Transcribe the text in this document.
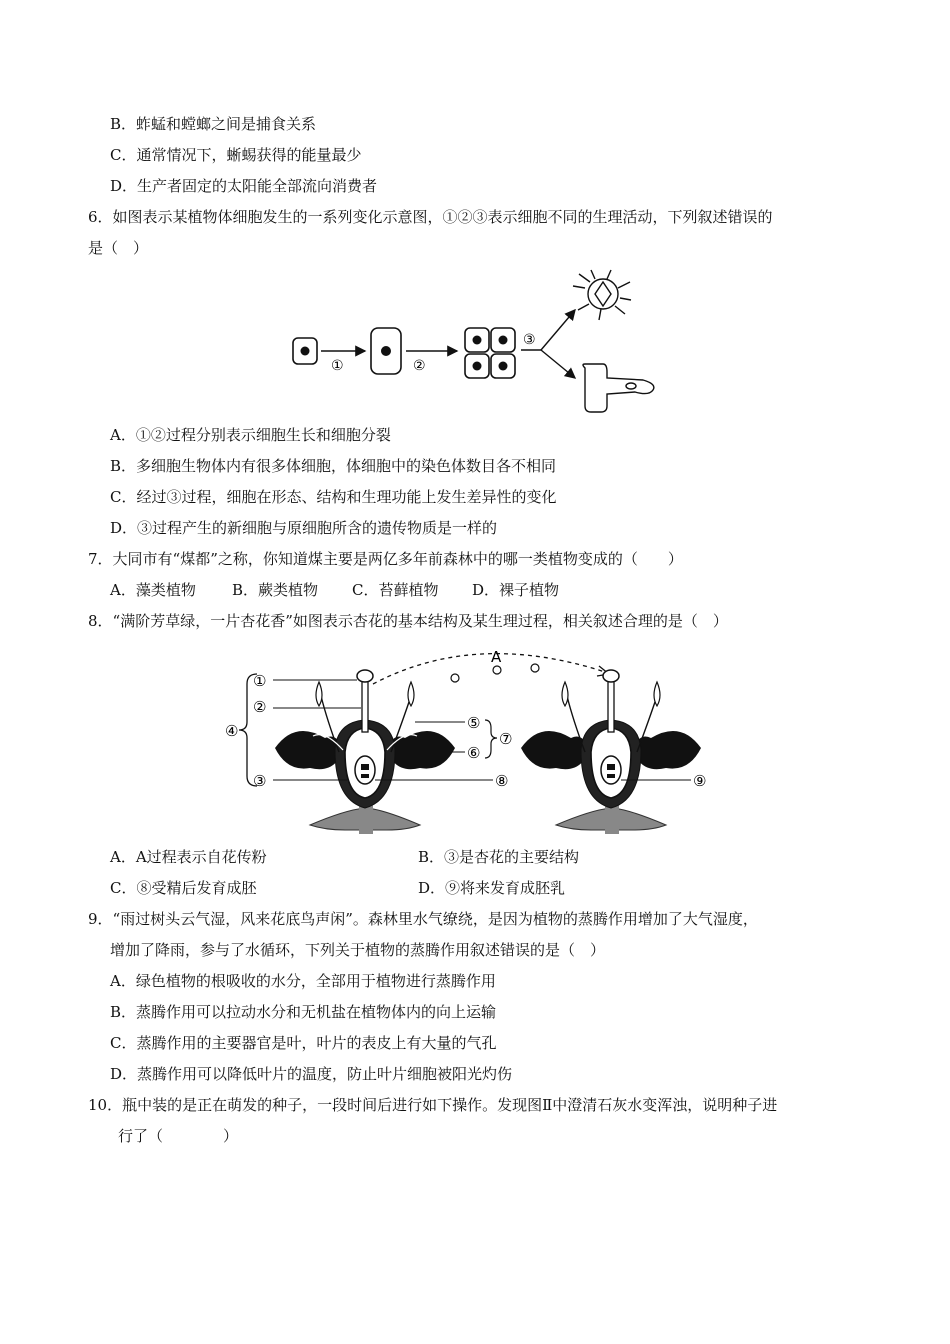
B．蚱蜢和螳螂之间是捕食关系
C．通常情况下，蜥蜴获得的能量最少
D．生产者固定的太阳能全部流向消费者
6．如图表示某植物体细胞发生的一系列变化示意图，①②③表示细胞不同的生理活动，下列叙述错误的
是（　）
①	②
③
A．①②过程分别表示细胞生长和细胞分裂
B．多细胞生物体内有很多体细胞，体细胞中的染色体数目各不相同
C．经过③过程，细胞在形态、结构和生理功能上发生差异性的变化
D．③过程产生的新细胞与原细胞所含的遗传物质是一样的
7．大同市有“煤都”之称，你知道煤主要是两亿多年前森林中的哪一类植物变成的（　　）
A．藻类植物 B．蕨类植物 C．苔藓植物 D．裸子植物
8．“满阶芳草绿，一片杏花香”如图表示杏花的基本结构及某生理过程，相关叙述合理的是（　）
A
④
①
②
③
⑤
⑥
⑦
⑧	⑨
A．A过程表示自花传粉	B．③是杏花的主要结构
C．⑧受精后发育成胚	D．⑨将来发育成胚乳
9．“雨过树头云气湿，风来花底鸟声闲”。森林里水气缭绕，是因为植物的蒸腾作用增加了大气湿度，
增加了降雨，参与了水循环，下列关于植物的蒸腾作用叙述错误的是（　）
A．绿色植物的根吸收的水分，全部用于植物进行蒸腾作用
B．蒸腾作用可以拉动水分和无机盐在植物体内的向上运输
C．蒸腾作用的主要器官是叶，叶片的表皮上有大量的气孔
D．蒸腾作用可以降低叶片的温度，防止叶片细胞被阳光灼伤
10．瓶中装的是正在萌发的种子，一段时间后进行如下操作。发现图Ⅱ中澄清石灰水变浑浊，说明种子进
行了（　　　　）
